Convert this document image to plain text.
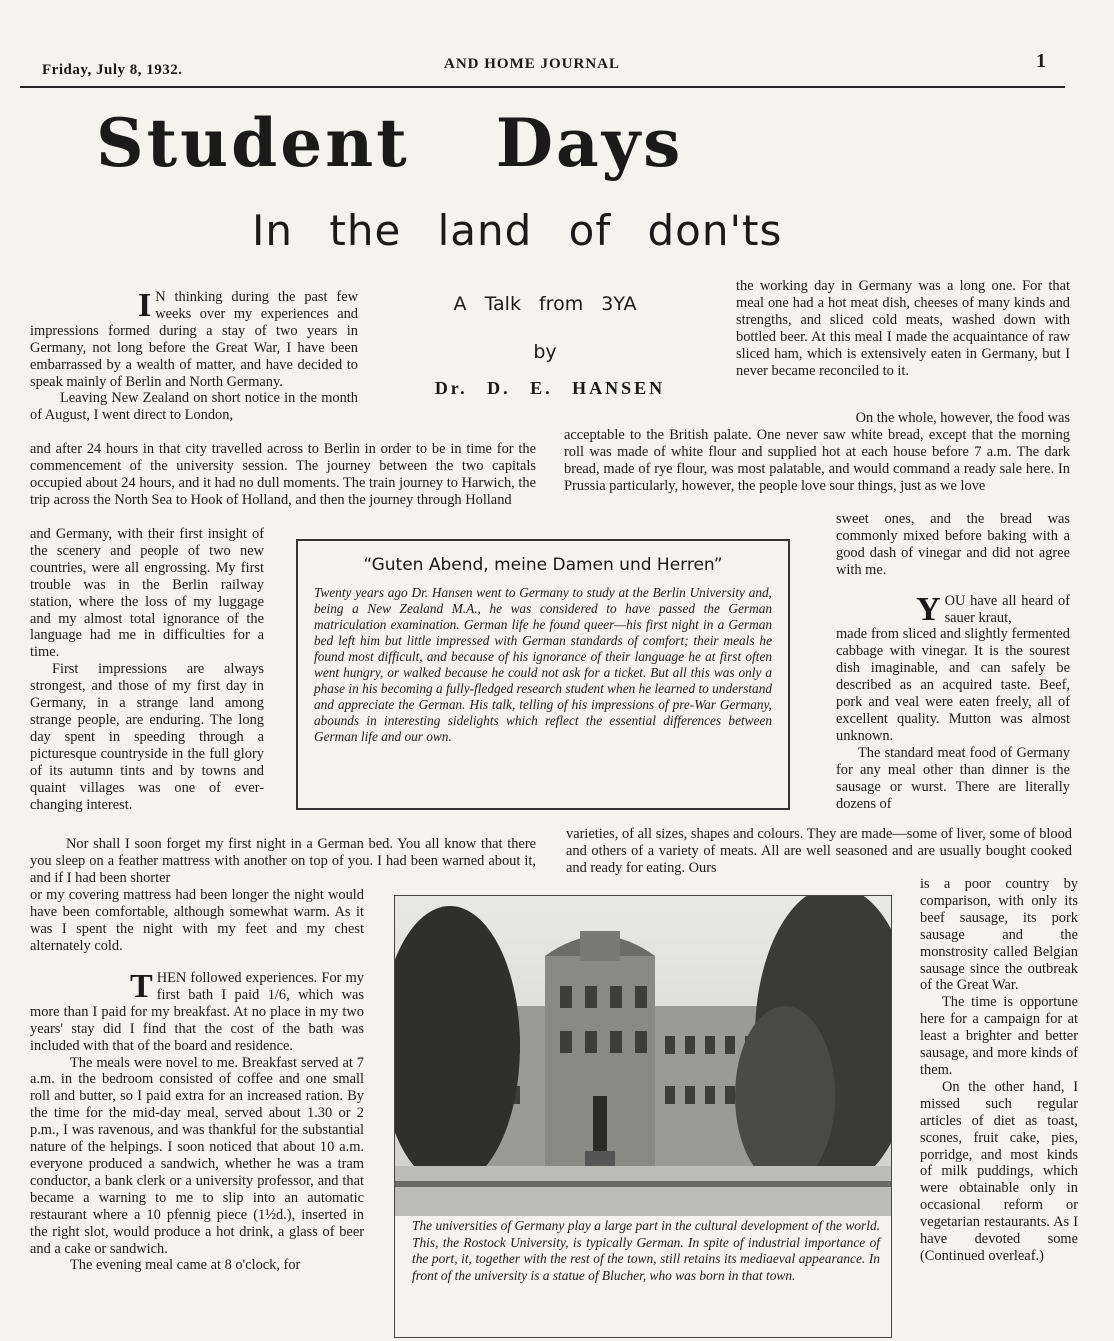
Friday, July 8, 1932.	AND HOME JOURNAL	1
Student Days
In the land of don'ts
A Talk from 3YA
by
Dr. D. E. HANSEN

I N thinking during the past few weeks over my experiences and impressions formed during a stay of two years in Germany, not long before the Great War, I have been embarrassed by a wealth of matter, and have decided to speak mainly of Berlin and North Germany.

Leaving New Zealand on short notice in the month of August, I went direct to London,

and after 24 hours in that city travelled across to Berlin in order to be in time for the commencement of the university session. The journey between the two capitals occupied about 24 hours, and it had no dull moments. The train journey to Harwich, the trip across the North Sea to Hook of Holland, and then the journey through Holland

and Germany, with their first insight of the scenery and people of two new countries, were all engrossing. My first trouble was in the Berlin railway station, where the loss of my luggage and my almost total ignorance of the language had me in difficulties for a time.

First impressions are always strongest, and those of my first day in Germany, in a strange land among strange people, are enduring. The long day spent in speeding through a picturesque countryside in the full glory of its autumn tints and by towns and quaint villages was one of ever-changing interest.

Nor shall I soon forget my first night in a German bed. You all know that there you sleep on a feather mattress with another on top of you. I had been warned about it, and if I had been shorter

or my covering mattress had been longer the night would have been comfortable, although somewhat warm. As it was I spent the night with my feet and my chest alternately cold.

THEN followed experiences. For my first bath I paid 1/6, which was more than I paid for my breakfast. At no place in my two years' stay did I find that the cost of the bath was included with that of the board and residence.

The meals were novel to me. Breakfast served at 7 a.m. in the bedroom consisted of coffee and one small roll and butter, so I paid extra for an increased ration. By the time for the mid-day meal, served about 1.30 or 2 p.m., I was ravenous, and was thankful for the substantial nature of the helpings. I soon noticed that about 10 a.m. everyone produced a sandwich, whether he was a tram conductor, a bank clerk or a university professor, and that became a warning to me to slip into an automatic restaurant where a 10 pfennig piece (1½d.), inserted in the right slot, would produce a hot drink, a glass of beer and a cake or sandwich.

The evening meal came at 8 o'clock, for

the working day in Germany was a long one. For that meal one had a hot meat dish, cheeses of many kinds and strengths, and sliced cold meats, washed down with bottled beer. At this meal I made the acquaintance of raw sliced ham, which is extensively eaten in Germany, but I never became reconciled to it.

On the whole, however, the food was

acceptable to the British palate. One never saw white bread, except that the morning roll was made of white flour and supplied hot at each house before 7 a.m. The dark bread, made of rye flour, was most palatable, and would command a ready sale here. In Prussia particularly, however, the people love sour things, just as we love

sweet ones, and the bread was commonly mixed before baking with a good dash of vinegar and did not agree with me.

YOU have all heard of sauer kraut,

made from sliced and slightly fermented cabbage with vinegar. It is the sourest dish imaginable, and can safely be described as an acquired taste. Beef, pork and veal were eaten freely, all of excellent quality. Mutton was almost unknown.

The standard meat food of Germany for any meal other than dinner is the sausage or wurst. There are literally dozens of

varieties, of all sizes, shapes and colours. They are made—some of liver, some of blood and others of a variety of meats. All are well seasoned and are usually bought cooked and ready for eating. Ours

is a poor country by comparison, with only its beef sausage, its pork sausage and the monstrosity called Belgian sausage since the outbreak of the Great War.

The time is opportune here for a campaign for at least a brighter and better sausage, and more kinds of them.

On the other hand, I missed such regular articles of diet as toast, scones, fruit cake, pies, porridge, and most kinds of milk puddings, which were obtainable only in occasional reform or vegetarian restaurants. As I have devoted some (Continued overleaf.)

“Guten Abend, meine Damen und Herren”

Twenty years ago Dr. Hansen went to Germany to study at the Berlin University and, being a New Zealand M.A., he was considered to have passed the German matriculation examination. German life he found queer—his first night in a German bed left him but little impressed with German standards of comfort; their meals he found most difficult, and because of his ignorance of their language he at first often went hungry, or walked because he could not ask for a ticket. But all this was only a phase in his becoming a fully-fledged research student when he learned to understand and appreciate the German. His talk, telling of his impressions of pre-War Germany, abounds in interesting sidelights which reflect the essential differences between German life and our own.

The universities of Germany play a large part in the cultural development of the world. This, the Rostock University, is typically German. In spite of industrial importance of the port, it, together with the rest of the town, still retains its mediaeval appearance. In front of the university is a statue of Blucher, who was born in that town.
